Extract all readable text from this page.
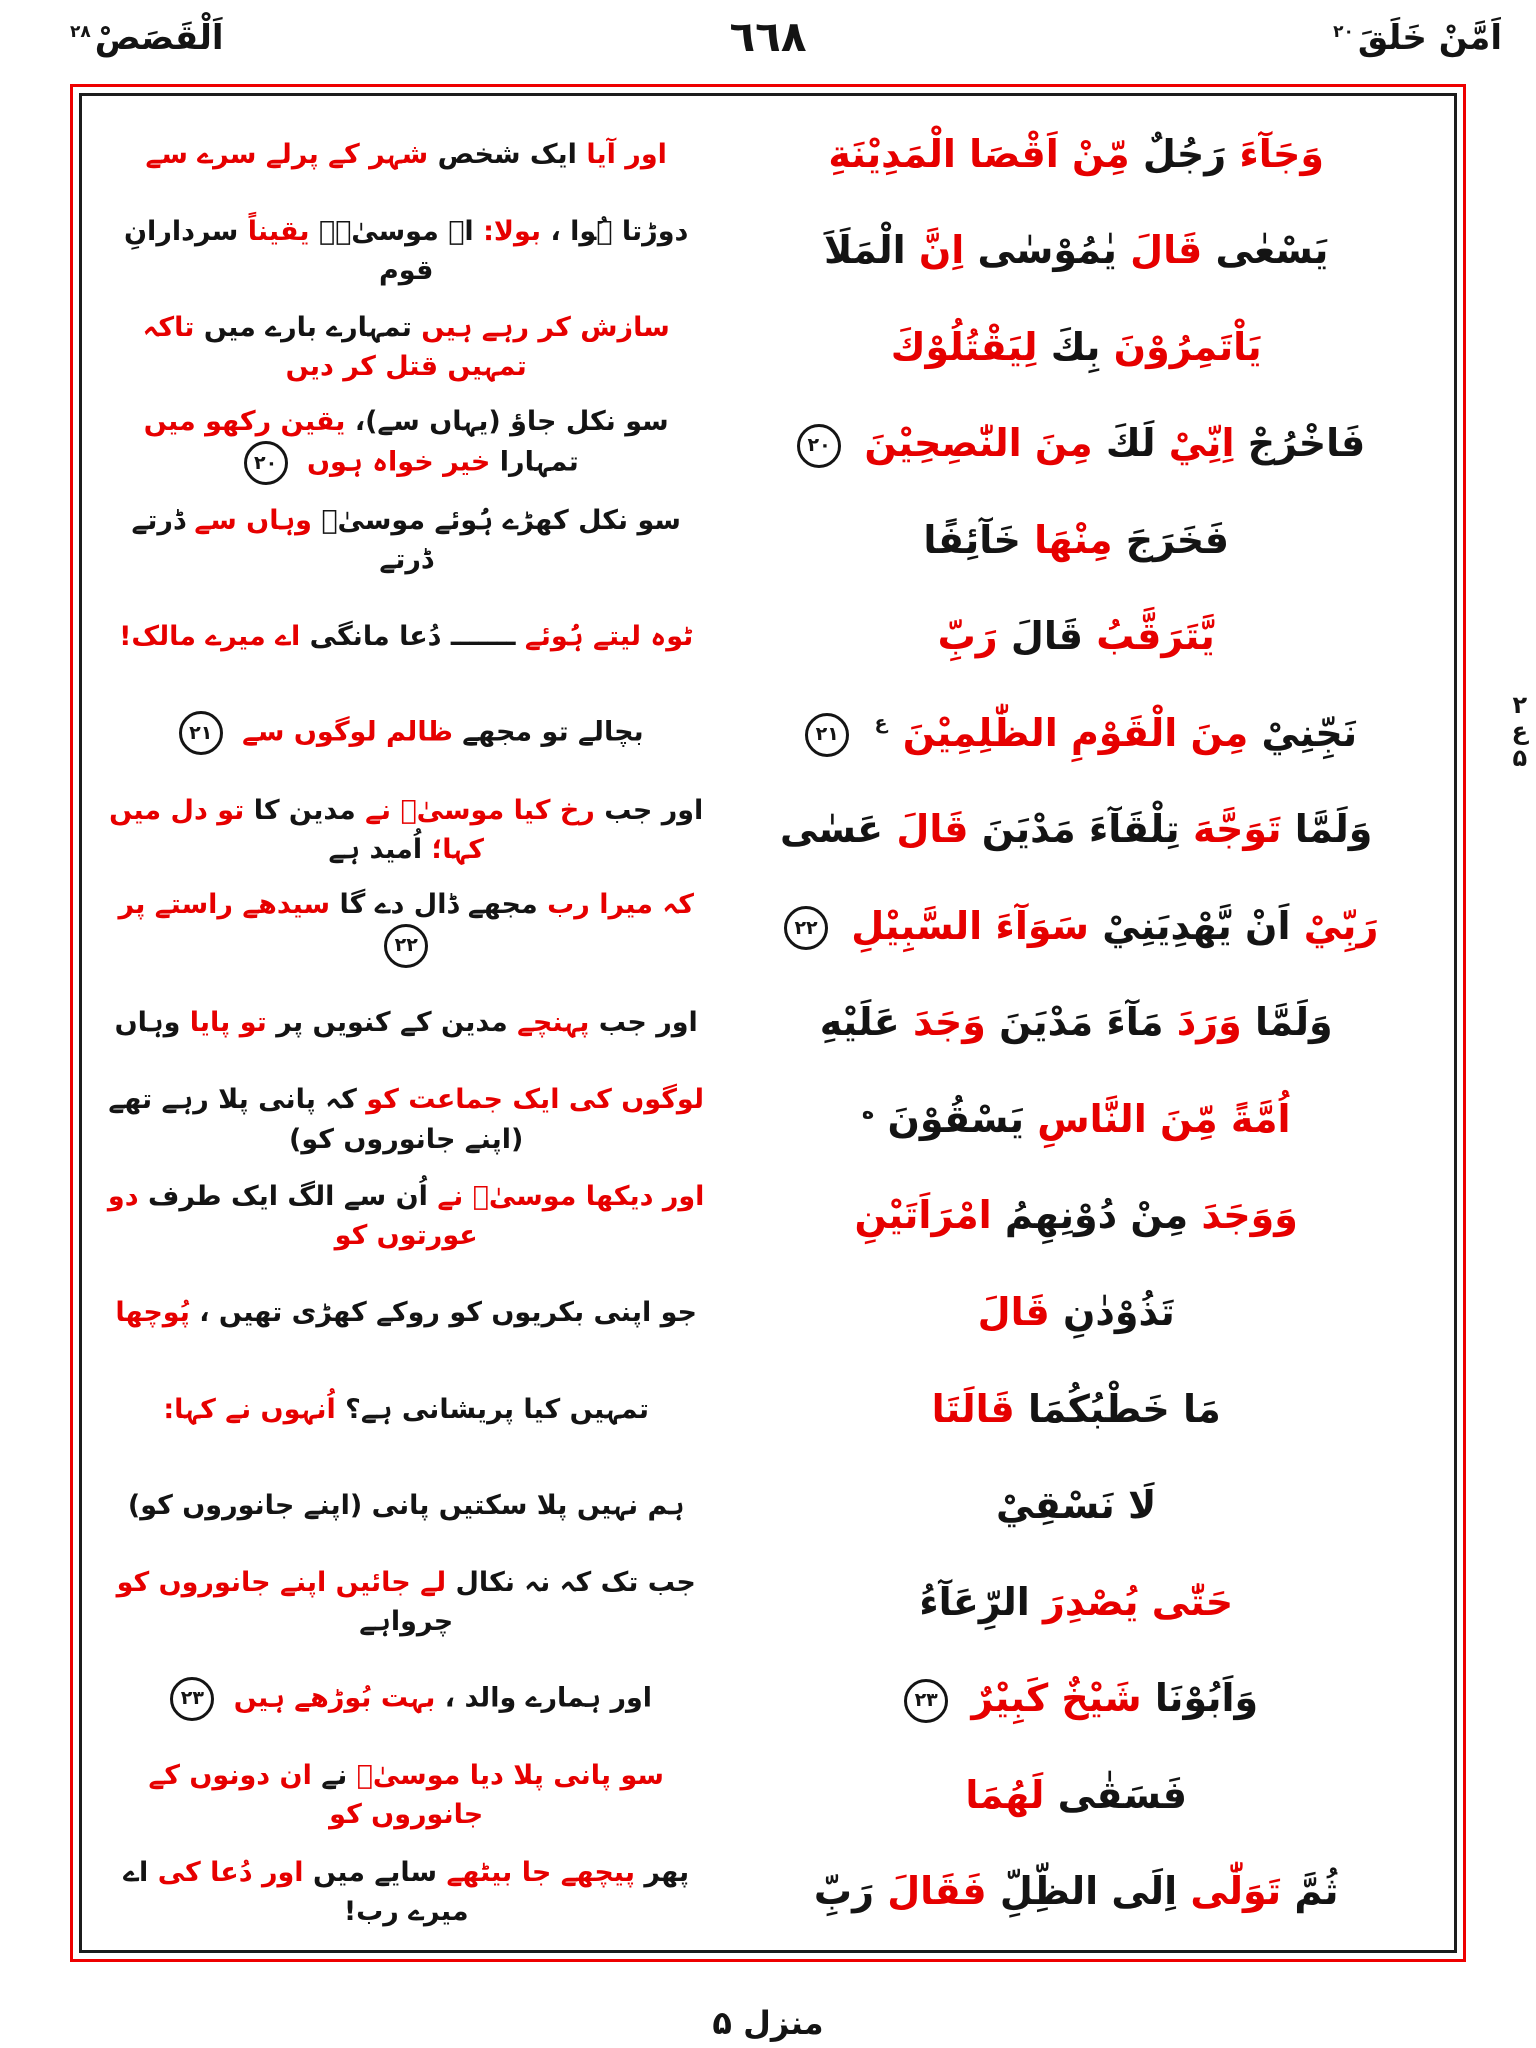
اَلْقَصَصْ$^{۲۸}$	٦٦٨	اَمَّنْ خَلَقَ$^{۲۰}$
اور آیا ایک شخص شہر کے پرلے سرے سے	وَجَآءَ رَجُلٌ مِّنْ اَقْصَا الْمَدِيْنَةِ
دوڑتا ہُوا ، بولا: اے موسیٰؑ۔ یقیناً سردارانِ قوم	يَسْعٰى قَالَ يٰمُوْسٰى اِنَّ الْمَلَاَ
سازش کر رہے ہیں تمہارے بارے میں تاکہ تمہیں قتل کر دیں	يَاْتَمِرُوْنَ بِكَ لِيَقْتُلُوْكَ
سو نکل جاؤ (یہاں سے)، یقین رکھو میں تمہارا خیر خواہ ہوں ۲۰	فَاخْرُجْ اِنِّيْ لَكَ مِنَ النّٰصِحِيْنَ ۲۰
سو نکل کھڑے ہُوئے موسیٰؑ وہاں سے ڈرتے ڈرتے	فَخَرَجَ مِنْهَا خَآئِفًا
ٹوہ لیتے ہُوئے ـــــــ دُعا مانگی اے میرے مالک!	يَّتَرَقَّبُ قَالَ رَبِّ
بچالے تو مجھے ظالم لوگوں سے ۲۱	نَجِّنِيْ مِنَ الْقَوْمِ الظّٰلِمِيْنَ $^ع$ ۲۱
اور جب رخ کیا موسیٰؑ نے مدین کا تو دل میں کہا؛ اُمید ہے	وَلَمَّا تَوَجَّهَ تِلْقَآءَ مَدْيَنَ قَالَ عَسٰى
کہ میرا رب مجھے ڈال دے گا سیدھے راستے پر ۲۲	رَبِّيْ اَنْ يَّهْدِيَنِيْ سَوَآءَ السَّبِيْلِ ۲۲
اور جب پہنچے مدین کے کنویں پر تو پایا وہاں	وَلَمَّا وَرَدَ مَآءَ مَدْيَنَ وَجَدَ عَلَيْهِ
لوگوں کی ایک جماعت کو کہ پانی پلا رہے تھے (اپنے جانوروں کو)	اُمَّةً مِّنَ النَّاسِ يَسْقُوْنَ $^ه$
اور دیکھا موسیٰؑ نے اُن سے الگ ایک طرف دو عورتوں کو	وَوَجَدَ مِنْ دُوْنِهِمُ امْرَاَتَيْنِ
جو اپنی بکریوں کو روکے کھڑی تھیں ، پُوچھا	تَذُوْدٰنِ قَالَ
تمہیں کیا پریشانی ہے؟ اُنہوں نے کہا:	مَا خَطْبُكُمَا قَالَتَا
ہم نہیں پلا سکتیں پانی (اپنے جانوروں کو)	لَا نَسْقِيْ
جب تک کہ نہ نکال لے جائیں اپنے جانوروں کو چرواہے	حَتّٰى يُصْدِرَ الرِّعَآءُ
اور ہمارے والد ، بہت بُوڑھے ہیں ۲۳	وَاَبُوْنَا شَيْخٌ كَبِيْرٌ ۲۳
سو پانی پلا دیا موسیٰؑ نے ان دونوں کے جانوروں کو	فَسَقٰى لَهُمَا
پھر پیچھے جا بیٹھے سایے میں اور دُعا کی اے میرے رب!	ثُمَّ تَوَلّٰى اِلَى الظِّلِّ فَقَالَ رَبِّ
۲
ع
۵
منزل ۵
